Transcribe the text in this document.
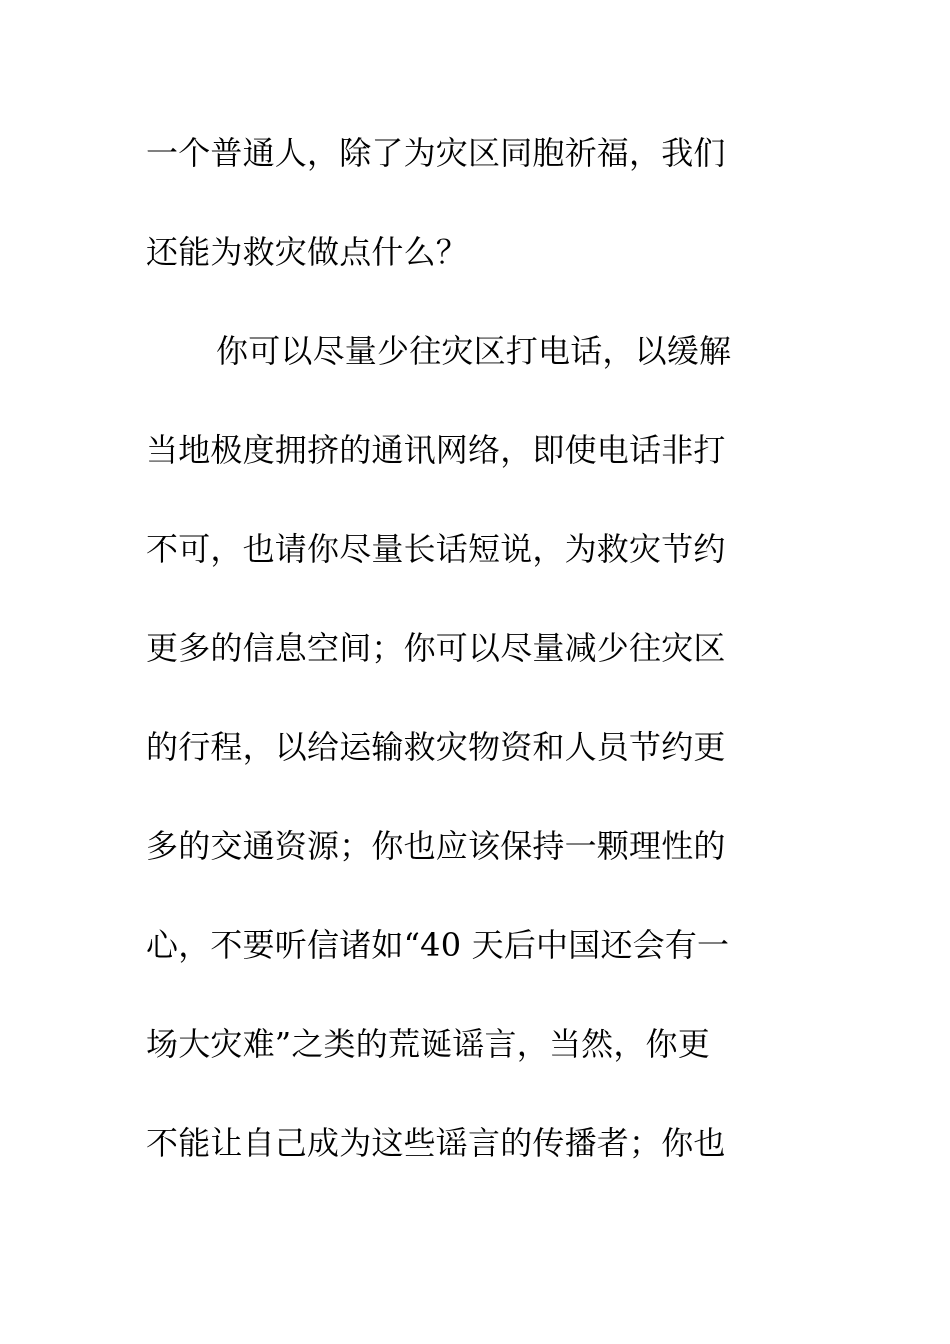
一个普通人，除了为灾区同胞祈福，我们
还能为救灾做点什么？
你可以尽量少往灾区打电话，以缓解
当地极度拥挤的通讯网络，即使电话非打
不可，也请你尽量长话短说，为救灾节约
更多的信息空间；你可以尽量减少往灾区
的行程，以给运输救灾物资和人员节约更
多的交通资源；你也应该保持一颗理性的
心，不要听信诸如“40 天后中国还会有一
场大灾难”之类的荒诞谣言，当然，你更
不能让自己成为这些谣言的传播者；你也
